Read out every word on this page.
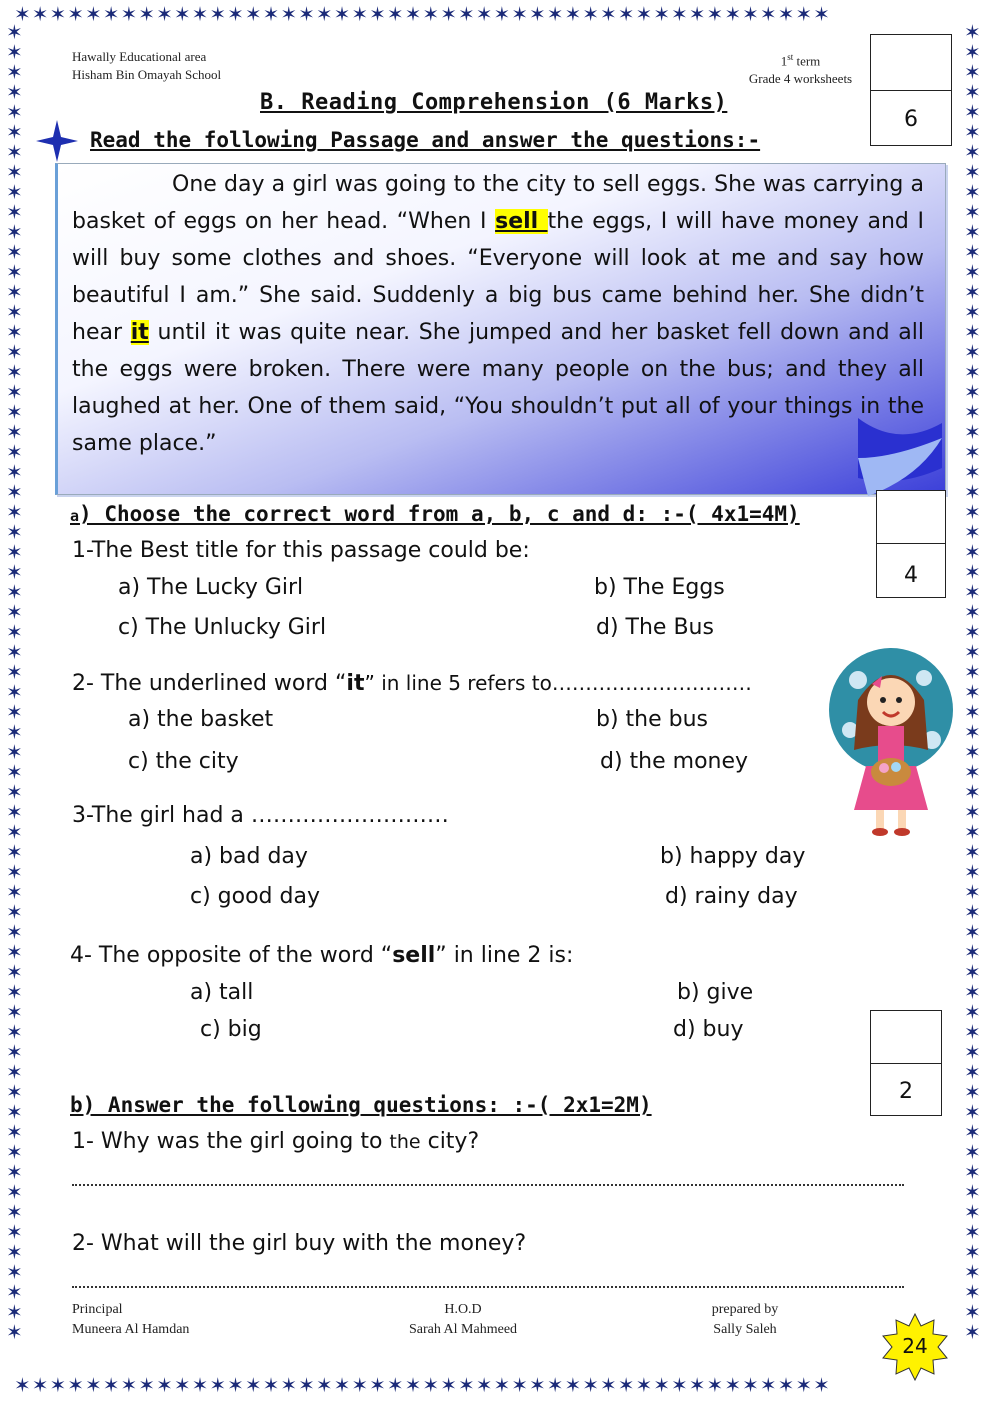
✶✶✶✶✶✶✶✶✶✶✶✶✶✶✶✶✶✶✶✶✶✶✶✶✶✶✶✶✶✶✶✶✶✶✶✶✶✶✶✶✶✶✶✶✶✶
✶✶✶✶✶✶✶✶✶✶✶✶✶✶✶✶✶✶✶✶✶✶✶✶✶✶✶✶✶✶✶✶✶✶✶✶✶✶✶✶✶✶✶✶✶✶
✶✶✶✶✶✶✶✶✶✶✶✶✶✶✶✶✶✶✶✶✶✶✶✶✶✶✶✶✶✶✶✶✶✶✶✶✶✶✶✶✶✶✶✶✶✶✶✶✶✶✶✶✶✶✶✶✶✶✶✶✶✶✶✶✶✶
✶✶✶✶✶✶✶✶✶✶✶✶✶✶✶✶✶✶✶✶✶✶✶✶✶✶✶✶✶✶✶✶✶✶✶✶✶✶✶✶✶✶✶✶✶✶✶✶✶✶✶✶✶✶✶✶✶✶✶✶✶✶✶✶✶✶
Hawally Educational area
Hisham Bin Omayah School
1st term
Grade 4 worksheets
6
B. Reading Comprehension (6 Marks)
Read the following Passage and answer the questions:-
One day a girl was going to the city to sell eggs. She was carrying a basket of eggs on her head. “When I sell the eggs, I will have money and I will buy some clothes and shoes. “Everyone will look at me and say how beautiful I am.” She said. Suddenly a big bus came behind her. She didn’t hear it until it was quite near. She jumped and her basket fell down and all the eggs were broken. There were many people on the bus; and they all laughed at her. One of them said, “You shouldn’t put all of your things in the same place.”
a) Choose the correct word from a, b, c and d: :-( 4x1=4M)
4
1-The Best title for this passage could be:
a) The Lucky Girl	b) The Eggs
c) The Unlucky Girl	d) The Bus
2- The underlined word “it” in line 5 refers to…………………………
a) the basket	b) the bus
c) the city	d) the money
3-The girl had a ………………………
a) bad day	b) happy day
c) good day	d) rainy day
4- The opposite of the word “sell” in line 2 is:
a) tall	b) give
c) big	d) buy
2
b) Answer the following questions: :-( 2x1=2M)
1- Why was the girl going to the city?
2- What will the girl buy with the money?
Principal
Muneera Al Hamdan
H.O.D
Sarah Al Mahmeed
prepared by
Sally Saleh
24
